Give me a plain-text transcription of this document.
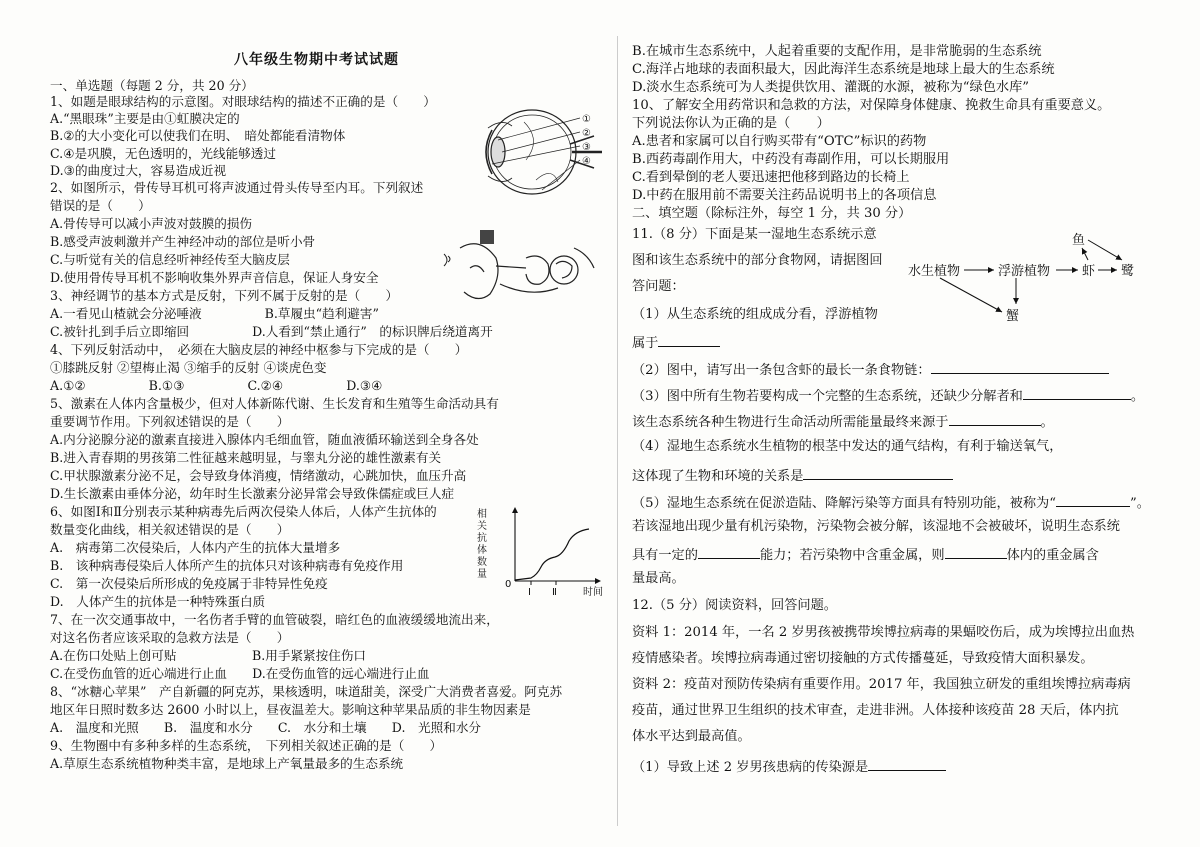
八年级生物期中考试试题
一、单选题（每题 2 分，共 20 分）
1、如题是眼球结构的示意图。对眼球结构的描述不正确的是（　　）
A.“黑眼珠”主要是由①虹膜决定的
B.②的大小变化可以使我们在明、　暗处都能看清物体
C.④是巩膜，无色透明的，光线能够透过
D.③的曲度过大，容易造成近视
2、如图所示，骨传导耳机可将声波通过骨头传导至内耳。下列叙述
错误的是（　　）
A.骨传导可以减小声波对鼓膜的损伤
B.感受声波刺激并产生神经冲动的部位是听小骨
C.与听觉有关的信息经听神经传至大脑皮层
D.使用骨传导耳机不影响收集外界声音信息，保证人身安全
3、神经调节的基本方式是反射，下列不属于反射的是（　　）
A.一看见山楂就会分泌唾液　　　　　B.草履虫“趋利避害”
C.被针扎到手后立即缩回　　　　　D.人看到“禁止通行”　的标识牌后绕道离开
4、下列反射活动中，　必须在大脑皮层的神经中枢参与下完成的是（　　）
①膝跳反射 ②望梅止渴 ③缩手的反射 ④谈虎色变
A.①②　　　　　B.①③　　　　　C.②④　　　　　D.③④
5、激素在人体内含量极少，但对人体新陈代谢、生长发育和生殖等生命活动具有
重要调节作用。下列叙述错误的是（　　）
A.内分泌腺分泌的激素直接进入腺体内毛细血管，随血液循环输送到全身各处
B.进入青春期的男孩第二性征越来越明显，与睾丸分泌的雄性激素有关
C.甲状腺激素分泌不足，会导致身体消瘦，情绪激动，心跳加快，血压升高
D.生长激素由垂体分泌，幼年时生长激素分泌异常会导致侏儒症或巨人症
6、如图Ⅰ和Ⅱ分别表示某种病毒先后两次侵染人体后，人体产生抗体的
数量变化曲线，相关叙述错误的是（　　）
A.　病毒第二次侵染后，人体内产生的抗体大量增多
B.　该种病毒侵染后人体所产生的抗体只对该种病毒有免疫作用
C.　第一次侵染后所形成的免疫属于非特异性免疫
D.　人体产生的抗体是一种特殊蛋白质
7、在一次交通事故中，一名伤者手臂的血管破裂，暗红色的血液缓缓地流出来，
对这名伤者应该采取的急救方法是（　　）
A.在伤口处贴上创可贴　　　　　　B.用手紧紧按住伤口
C.在受伤血管的近心端进行止血　　D.在受伤血管的远心端进行止血
8、“冰糖心苹果”　产自新疆的阿克苏，果核透明，味道甜美，深受广大消费者喜爱。阿克苏
地区年日照时数多达 2600 小时以上，昼夜温差大。影响这种苹果品质的非生物因素是
A.　温度和光照　　B.　温度和水分　　C.　水分和土壤　　D.　光照和水分
9、生物圈中有多种多样的生态系统，　下列相关叙述正确的是（　　）
A.草原生态系统植物种类丰富，是地球上产氧量最多的生态系统
①
②
③
④
相
关
抗
体
数
量
0
Ⅰ Ⅱ	时间
B.在城市生态系统中，人起着重要的支配作用，是非常脆弱的生态系统
C.海洋占地球的表面积最大，因此海洋生态系统是地球上最大的生态系统
D.淡水生态系统可为人类提供饮用、灌溉的水源，被称为“绿色水库”
10、了解安全用药常识和急救的方法，对保障身体健康、挽救生命具有重要意义。
下列说法你认为正确的是（　　）
A.患者和家属可以自行购买带有“OTC”标识的药物
B.西药毒副作用大，中药没有毒副作用，可以长期服用
C.看到晕倒的老人要迅速把他移到路边的长椅上
D.中药在服用前不需要关注药品说明书上的各项信息
二、填空题（除标注外，每空 1 分，共 30 分）
11.（8 分）下面是某一湿地生态系统示意
图和该生态系统中的部分食物网，请据图回
答问题：
（1）从生态系统的组成成分看，浮游植物
属于
（2）图中，请写出一条包含虾的最长一条食物链：
（3）图中所有生物若要构成一个完整的生态系统，还缺少分解者和	。
该生态系统各种生物进行生命活动所需能量最终来源于	。
（4）湿地生态系统水生植物的根茎中发达的通气结构，有利于输送氧气，
这体现了生物和环境的关系是
（5）湿地生态系统在促淤造陆、降解污染等方面具有特别功能，被称为“	”。
若该湿地出现少量有机污染物，污染物会被分解，该湿地不会被破坏，说明生态系统
具有一定的	能力；若污染物中含重金属，则	体内的重金属含
量最高。
12.（5 分）阅读资料，回答问题。
资料 1：2014 年，一名 2 岁男孩被携带埃博拉病毒的果蝠咬伤后，成为埃博拉出血热
疫情感染者。埃博拉病毒通过密切接触的方式传播蔓延，导致疫情大面积暴发。
资料 2：疫苗对预防传染病有重要作用。2017 年，我国独立研发的重组埃博拉病毒病
疫苗，通过世界卫生组织的技术审查，走进非洲。人体接种该疫苗 28 天后，体内抗
体水平达到最高值。
（1）导致上述 2 岁男孩患病的传染源是
水生植物	浮游植物 虾
鱼
鹭
蟹
